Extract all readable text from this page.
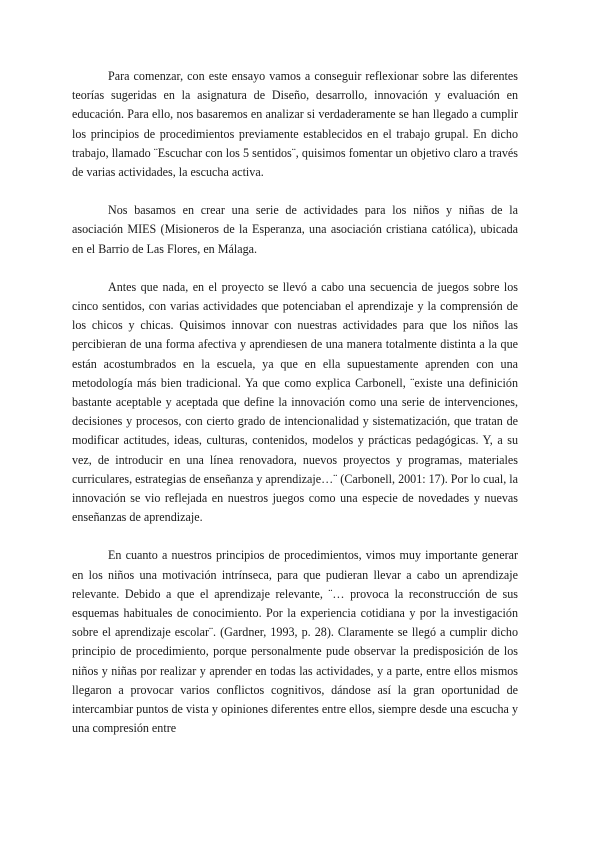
Para comenzar, con este ensayo vamos a conseguir reflexionar sobre las diferentes teorías sugeridas en la asignatura de Diseño, desarrollo, innovación y evaluación en educación. Para ello, nos basaremos en analizar si verdaderamente se han llegado a cumplir los principios de procedimientos previamente establecidos en el trabajo grupal. En dicho trabajo, llamado ¨Escuchar con los 5 sentidos¨, quisimos fomentar un objetivo claro a través de varias actividades, la escucha activa.

Nos basamos en crear una serie de actividades para los niños y niñas de la asociación MIES (Misioneros de la Esperanza, una asociación cristiana católica), ubicada en el Barrio de Las Flores, en Málaga.

Antes que nada, en el proyecto se llevó a cabo una secuencia de juegos sobre los cinco sentidos, con varias actividades que potenciaban el aprendizaje y la comprensión de los chicos y chicas. Quisimos innovar con nuestras actividades para que los niños las percibieran de una forma afectiva y aprendiesen de una manera totalmente distinta a la que están acostumbrados en la escuela, ya que en ella supuestamente aprenden con una metodología más bien tradicional. Ya que como explica Carbonell, ¨existe una definición bastante aceptable y aceptada que define la innovación como una serie de intervenciones, decisiones y procesos, con cierto grado de intencionalidad y sistematización, que tratan de modificar actitudes, ideas, culturas, contenidos, modelos y prácticas pedagógicas. Y, a su vez, de introducir en una línea renovadora, nuevos proyectos y programas, materiales curriculares, estrategias de enseñanza y aprendizaje…¨ (Carbonell, 2001: 17). Por lo cual, la innovación se vio reflejada en nuestros juegos como una especie de novedades y nuevas enseñanzas de aprendizaje.

En cuanto a nuestros principios de procedimientos, vimos muy importante generar en los niños una motivación intrínseca, para que pudieran llevar a cabo un aprendizaje relevante. Debido a que el aprendizaje relevante, ¨… provoca la reconstrucción de sus esquemas habituales de conocimiento. Por la experiencia cotidiana y por la investigación sobre el aprendizaje escolar¨. (Gardner, 1993, p. 28). Claramente se llegó a cumplir dicho principio de procedimiento, porque personalmente pude observar la predisposición de los niños y niñas por realizar y aprender en todas las actividades, y a parte, entre ellos mismos llegaron a provocar varios conflictos cognitivos, dándose así la gran oportunidad de intercambiar puntos de vista y opiniones diferentes entre ellos, siempre desde una escucha y una compresión entre
